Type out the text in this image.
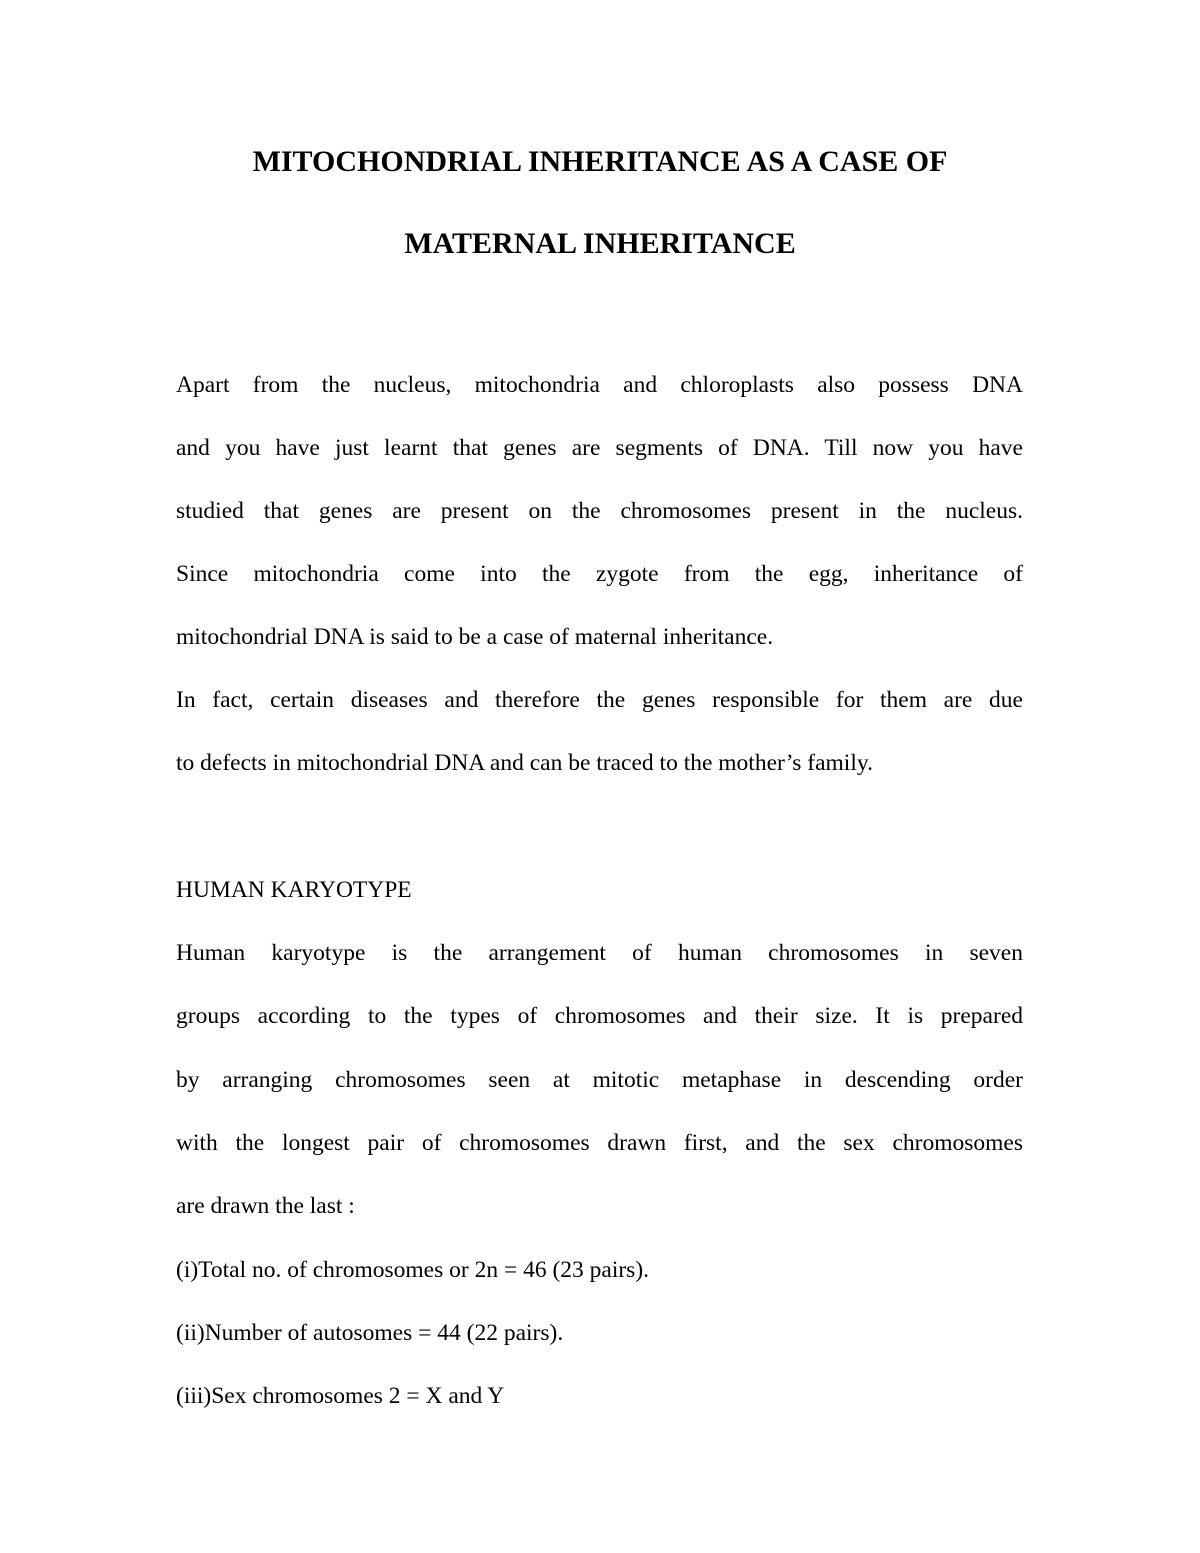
MITOCHONDRIAL INHERITANCE AS A CASE OF
MATERNAL INHERITANCE
Apart from the nucleus, mitochondria and chloroplasts also possess DNA
and you have just learnt that genes are segments of DNA. Till now you have
studied that genes are present on the chromosomes present in the nucleus.
Since mitochondria come into the zygote from the egg, inheritance of
mitochondrial DNA is said to be a case of maternal inheritance.
In fact, certain diseases and therefore the genes responsible for them are due
to defects in mitochondrial DNA and can be traced to the mother’s family.
HUMAN KARYOTYPE
Human karyotype is the arrangement of human chromosomes in seven
groups according to the types of chromosomes and their size. It is prepared
by arranging chromosomes seen at mitotic metaphase in descending order
with the longest pair of chromosomes drawn first, and the sex chromosomes
are drawn the last :
(i)Total no. of chromosomes or 2n = 46 (23 pairs).
(ii)Number of autosomes = 44 (22 pairs).
(iii)Sex chromosomes 2 = X and Y
